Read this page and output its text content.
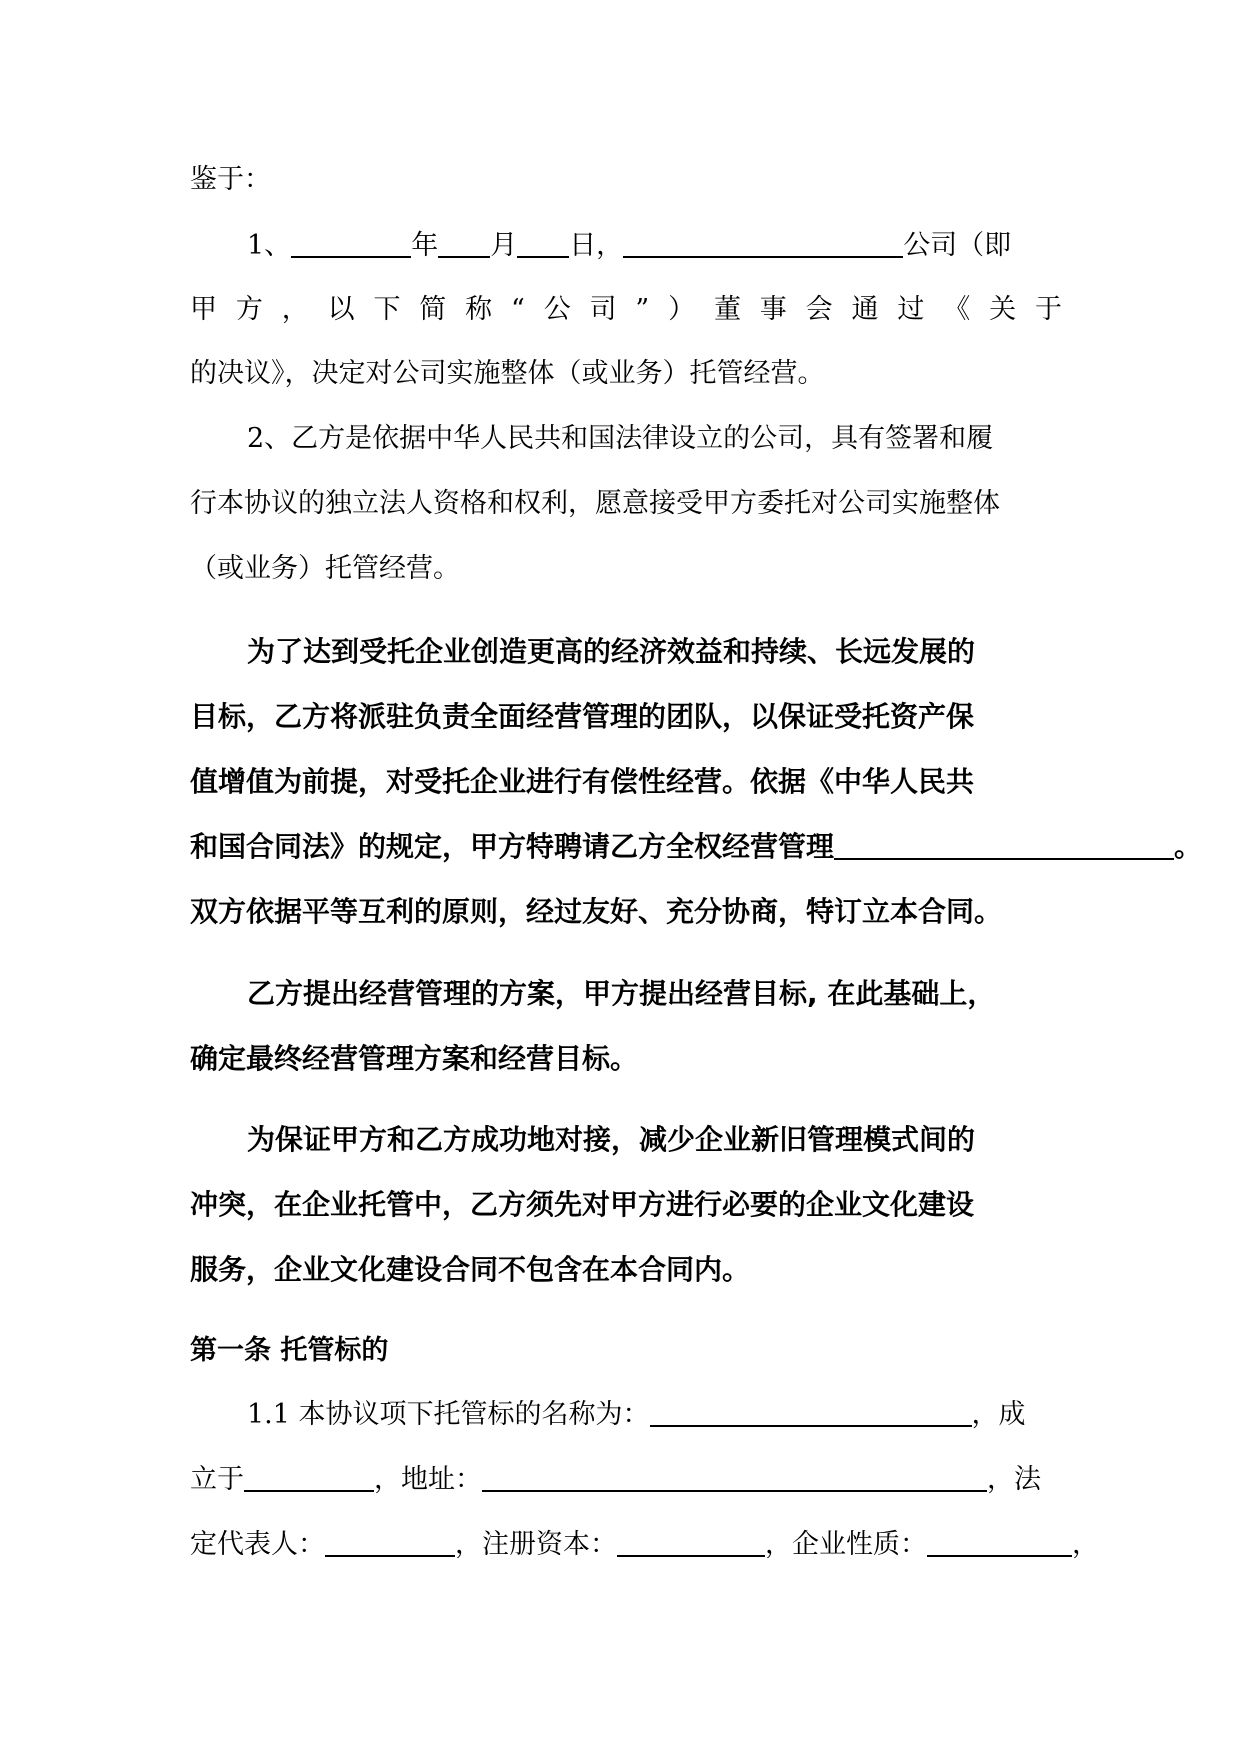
鉴于：
1、	年 月 日，	公司（即
甲 方 ， 以 下 简 称 “ 公 司 ” ） 董 事 会 通 过 《 关 于
的决议》，决定对公司实施整体（或业务）托管经营。
2、乙方是依据中华人民共和国法律设立的公司，具有签署和履
行本协议的独立法人资格和权利，愿意接受甲方委托对公司实施整体
（或业务）托管经营。
为了达到受托企业创造更高的经济效益和持续、长远发展的
目标，乙方将派驻负责全面经营管理的团队，以保证受托资产保
值增值为前提，对受托企业进行有偿性经营。依据《中华人民共
和国合同法》的规定，甲方特聘请乙方全权经营管理	。
双方依据平等互利的原则，经过友好、充分协商，特订立本合同。
乙方提出经营管理的方案，甲方提出经营目标, 在此基础上，
确定最终经营管理方案和经营目标。
为保证甲方和乙方成功地对接，减少企业新旧管理模式间的
冲突，在企业托管中，乙方须先对甲方进行必要的企业文化建设
服务，企业文化建设合同不包含在本合同内。
第一条 托管标的
1.1 本协议项下托管标的名称为：	，成
立于	，地址：	，法
定代表人：	，注册资本：	，企业性质：	，
